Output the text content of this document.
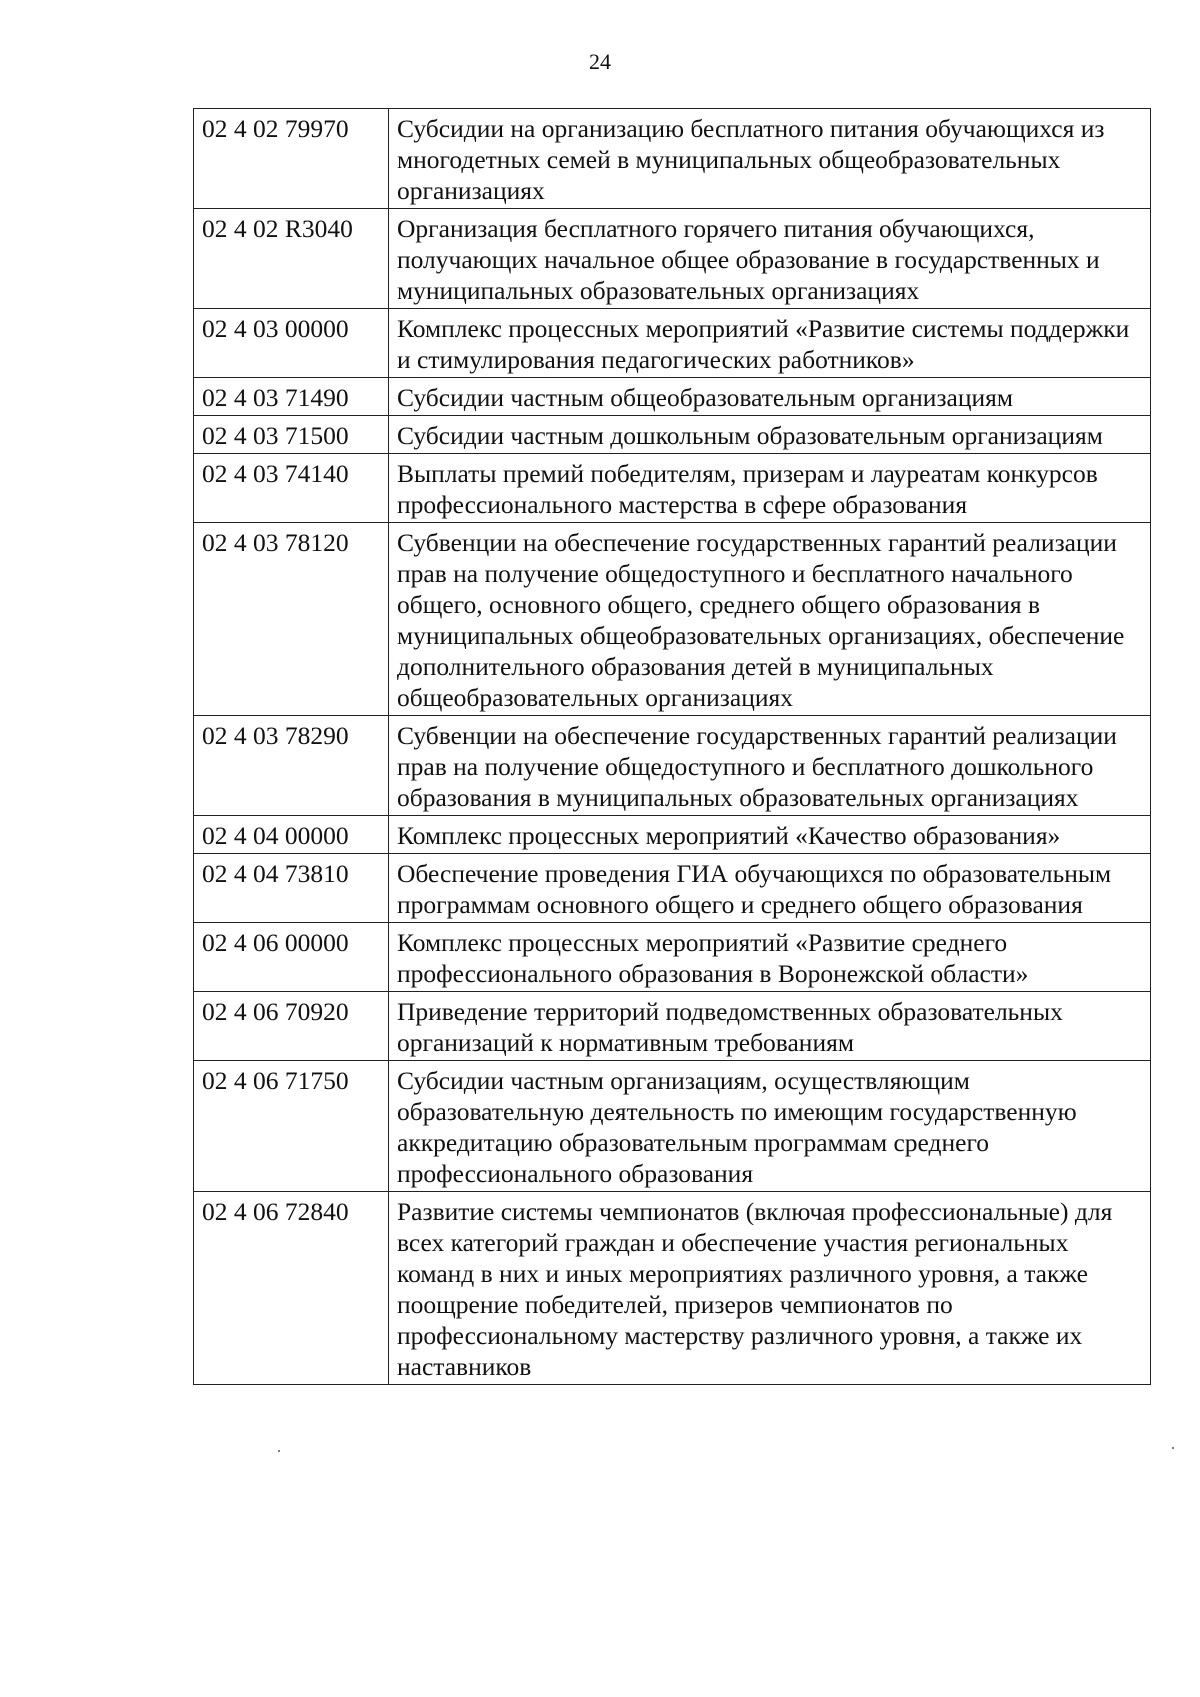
24
02 4 02 79970	Субсидии на организацию бесплатного питания обучающихся из многодетных семей в муниципальных общеобразовательных организациях
02 4 02 R3040	Организация бесплатного горячего питания обучающихся, получающих начальное общее образование в государственных и муниципальных образовательных организациях
02 4 03 00000	Комплекс процессных мероприятий «Развитие системы поддержки и стимулирования педагогических работников»
02 4 03 71490	Субсидии частным общеобразовательным организациям
02 4 03 71500	Субсидии частным дошкольным образовательным организациям
02 4 03 74140	Выплаты премий победителям, призерам и лауреатам конкурсов профессионального мастерства в сфере образования
02 4 03 78120	Субвенции на обеспечение государственных гарантий реализации прав на получение общедоступного и бесплатного начального общего, основного общего, среднего общего образования в муниципальных общеобразовательных организациях, обеспечение дополнительного образования детей в муниципальных общеобразовательных организациях
02 4 03 78290	Субвенции на обеспечение государственных гарантий реализации прав на получение общедоступного и бесплатного дошкольного образования в муниципальных образовательных организациях
02 4 04 00000	Комплекс процессных мероприятий «Качество образования»
02 4 04 73810	Обеспечение проведения ГИА обучающихся по образовательным программам основного общего и среднего общего образования
02 4 06 00000	Комплекс процессных мероприятий «Развитие среднего профессионального образования в Воронежской области»
02 4 06 70920	Приведение территорий подведомственных образовательных организаций к нормативным требованиям
02 4 06 71750	Субсидии частным организациям, осуществляющим образовательную деятельность по имеющим государственную аккредитацию образовательным программам среднего профессионального образования
02 4 06 72840	Развитие системы чемпионатов (включая профессиональные) для всех категорий граждан и обеспечение участия региональных команд в них и иных мероприятиях различного уровня, а также поощрение победителей, призеров чемпионатов по профессиональному мастерству различного уровня, а также их наставников
